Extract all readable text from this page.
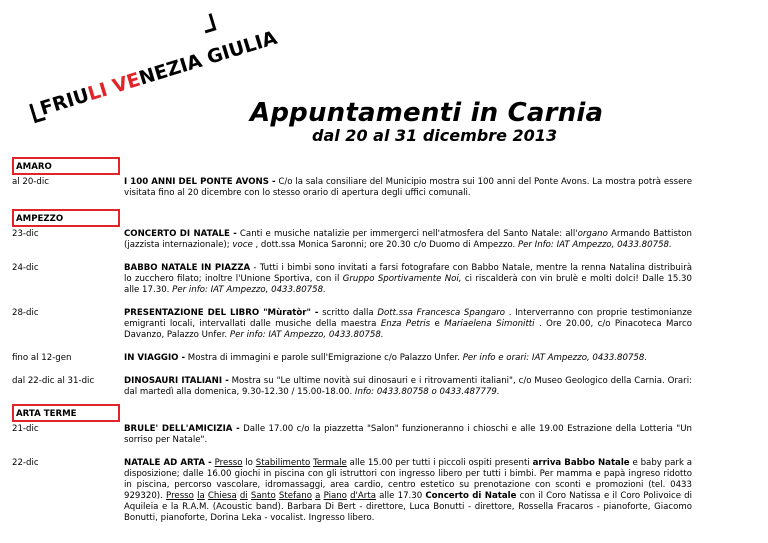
FRIULI VENEZIA GIULIA
Appuntamenti in Carnia
dal 20 al 31 dicembre 2013
AMARO
al 20-dic	I 100 ANNI DEL PONTE AVONS - C/o la sala consiliare del Municipio mostra sui 100 anni del Ponte Avons. La mostra potrà essere visitata fino al 20 dicembre con lo stesso orario di apertura degli uffici comunali.
AMPEZZO
23-dic	CONCERTO DI NATALE - Canti e musiche natalizie per immergerci nell'atmosfera del Santo Natale: all'organo Armando Battiston (jazzista internazionale); voce , dott.ssa Monica Saronni; ore 20.30 c/o Duomo di Ampezzo. Per Info: IAT Ampezzo, 0433.80758.
24-dic	BABBO NATALE IN PIAZZA - Tutti i bimbi sono invitati a farsi fotografare con Babbo Natale, mentre la renna Natalina distribuirà lo zucchero filato; inoltre l'Unione Sportiva, con il Gruppo Sportivamente Noi, ci riscalderà con vin brulè e molti dolci! Dalle 15.30 alle 17.30. Per info: IAT Ampezzo, 0433.80758.
28-dic	PRESENTAZIONE DEL LIBRO "Mùratòr" - scritto dalla Dott.ssa Francesca Spangaro . Interverranno con proprie testimonianze emigranti locali, intervallati dalle musiche della maestra Enza Petris e Mariaelena Simonitti . Ore 20.00, c/o Pinacoteca Marco Davanzo, Palazzo Unfer. Per info: IAT Ampezzo, 0433.80758.
fino al 12-gen	IN VIAGGIO - Mostra di immagini e parole sull'Emigrazione c/o Palazzo Unfer. Per info e orari: IAT Ampezzo, 0433.80758.
dal 22-dic al 31-dic	DINOSAURI ITALIANI - Mostra su "Le ultime novità sui dinosauri e i ritrovamenti italiani", c/o Museo Geologico della Carnia. Orari: dal martedì alla domenica, 9.30-12.30 / 15.00-18.00. Info: 0433.80758 o 0433.487779.
ARTA TERME
21-dic	BRULE' DELL'AMICIZIA - Dalle 17.00 c/o la piazzetta "Salon" funzioneranno i chioschi e alle 19.00 Estrazione della Lotteria "Un sorriso per Natale".
22-dic	NATALE AD ARTA - Presso lo Stabilimento Termale alle 15.00 per tutti i piccoli ospiti presenti arriva Babbo Natale e baby park a disposizione; dalle 16.00 giochi in piscina con gli istruttori con ingresso libero per tutti i bimbi. Per mamma e papà ingreso ridotto in piscina, percorso vascolare, idromassaggi, area cardio, centro estetico su prenotazione con sconti e promozioni (tel. 0433 929320). Presso la Chiesa di Santo Stefano a Piano d'Arta alle 17.30 Concerto di Natale con il Coro Natissa e il Coro Polivoice di Aquileia e la R.A.M. (Acoustic band). Barbara Di Bert - direttore, Luca Bonutti - direttore, Rossella Fracaros - pianoforte, Giacomo Bonutti, pianoforte, Dorina Leka - vocalist. Ingresso libero.
